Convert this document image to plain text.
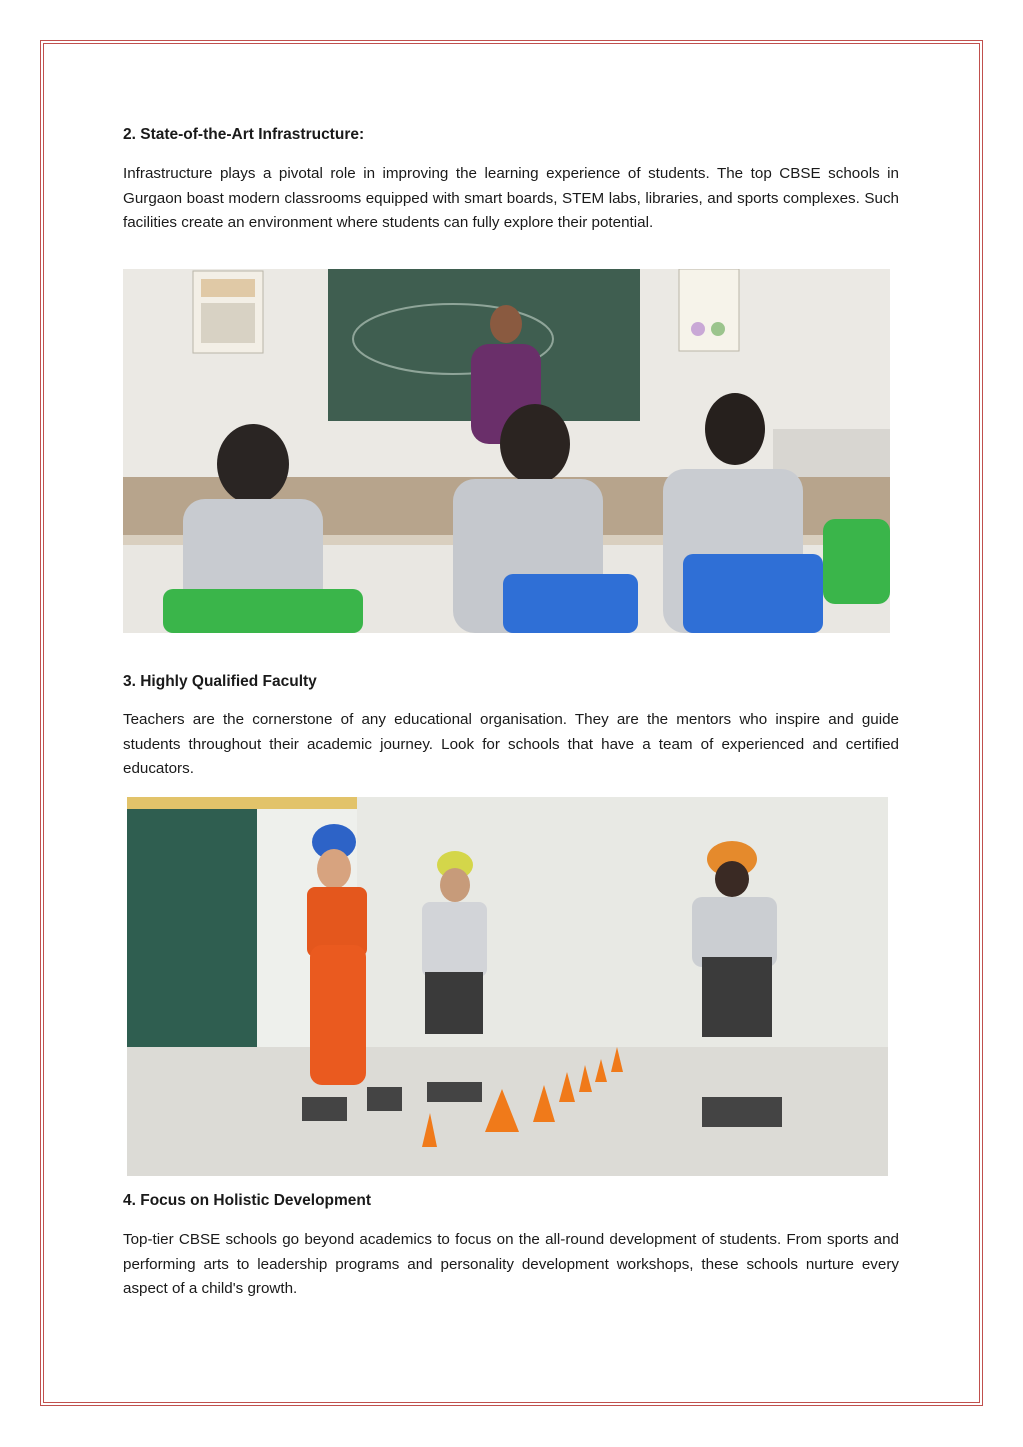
2. State-of-the-Art Infrastructure:

Infrastructure plays a pivotal role in improving the learning experience of students. The top CBSE schools in Gurgaon boast modern classrooms equipped with smart boards, STEM labs, libraries, and sports complexes. Such facilities create an environment where students can fully explore their potential.

3. Highly Qualified Faculty

Teachers are the cornerstone of any educational organisation. They are the mentors who inspire and guide students throughout their academic journey. Look for schools that have a team of experienced and certified educators.

4. Focus on Holistic Development

Top-tier CBSE schools go beyond academics to focus on the all-round development of students. From sports and performing arts to leadership programs and personality development workshops, these schools nurture every aspect of a child's growth.
